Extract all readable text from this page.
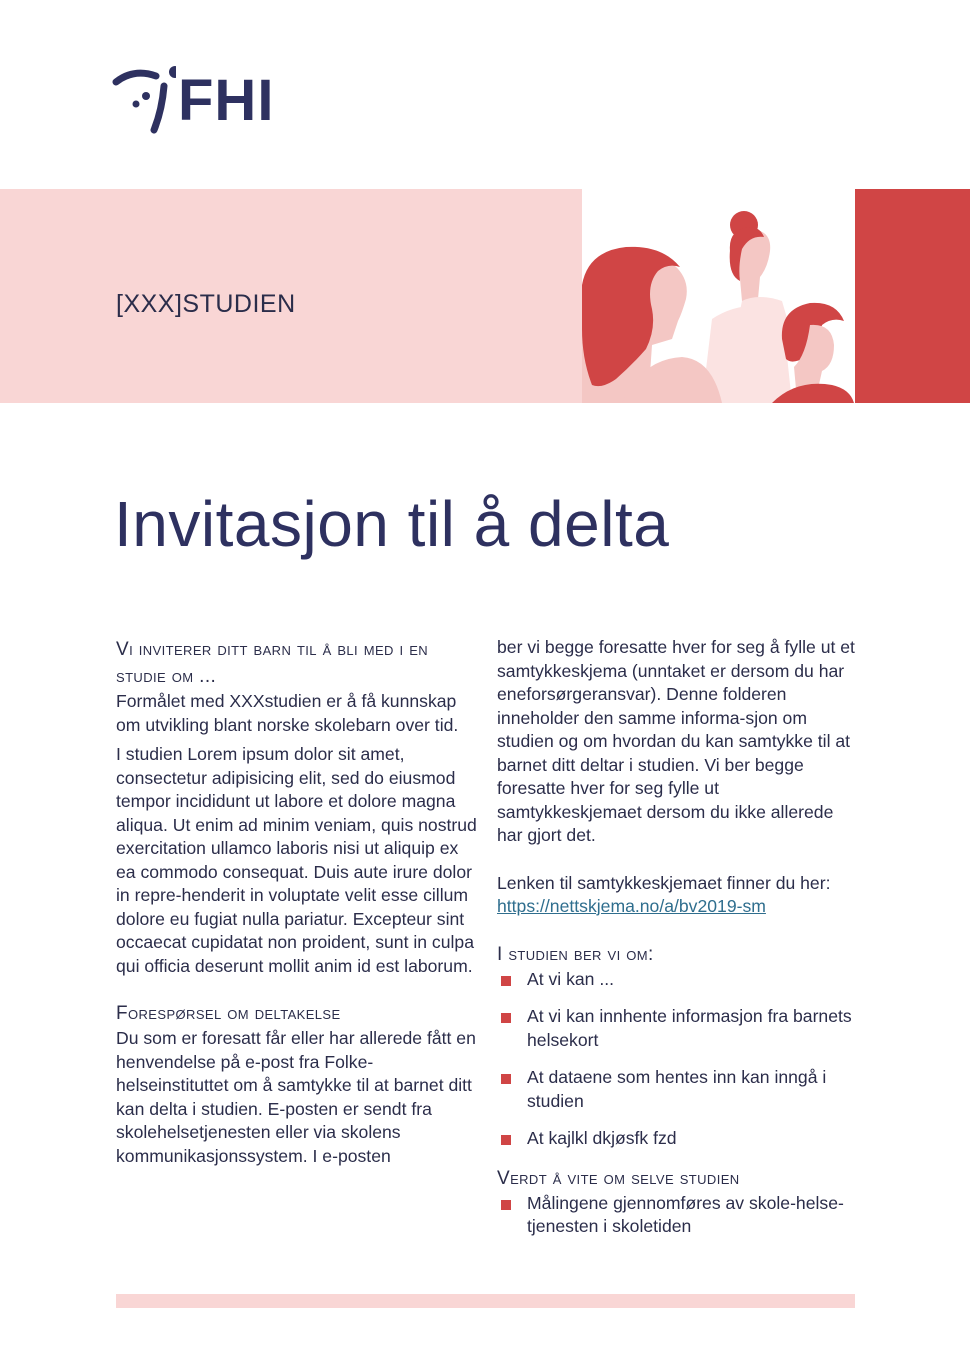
FHI
[XXX]STUDIEN
Invitasjon til å delta
Vi inviterer ditt barn til å bli med i en studie om ...

Formålet med XXXstudien er å få kunnskap om utvikling blant norske skolebarn over tid.

I studien Lorem ipsum dolor sit amet, consectetur adipisicing elit, sed do eiusmod tempor incididunt ut labore et dolore magna aliqua. Ut enim ad minim veniam, quis nostrud exercitation ullamco laboris nisi ut aliquip ex ea commodo consequat. Duis aute irure dolor in repre-henderit in voluptate velit esse cillum dolore eu fugiat nulla pariatur. Excepteur sint occaecat cupidatat non proident, sunt in culpa qui officia deserunt mollit anim id est laborum.

Forespørsel om deltakelse

Du som er foresatt får eller har allerede fått en henvendelse på e-post fra Folke-helseinstituttet om å samtykke til at barnet ditt kan delta i studien. E-posten er sendt fra skolehelsetjenesten eller via skolens kommunikasjonssystem. I e-posten

ber vi begge foresatte hver for seg å fylle ut et samtykkeskjema (unntaket er dersom du har eneforsørgeransvar). Denne folderen inneholder den samme informa-sjon om studien og om hvordan du kan samtykke til at barnet ditt deltar i studien. Vi ber begge foresatte hver for seg fylle ut samtykkeskjemaet dersom du ikke allerede har gjort det.

Lenken til samtykkeskjemaet finner du her: https://nettskjema.no/a/bv2019-sm

I studien ber vi om:
At vi kan ...
At vi kan innhente informasjon fra barnets helsekort
At dataene som hentes inn kan inngå i studien
At kajlkl dkjøsfk fzd
Verdt å vite om selve studien
Målingene gjennomføres av skole-helse- tjenesten i skoletiden
